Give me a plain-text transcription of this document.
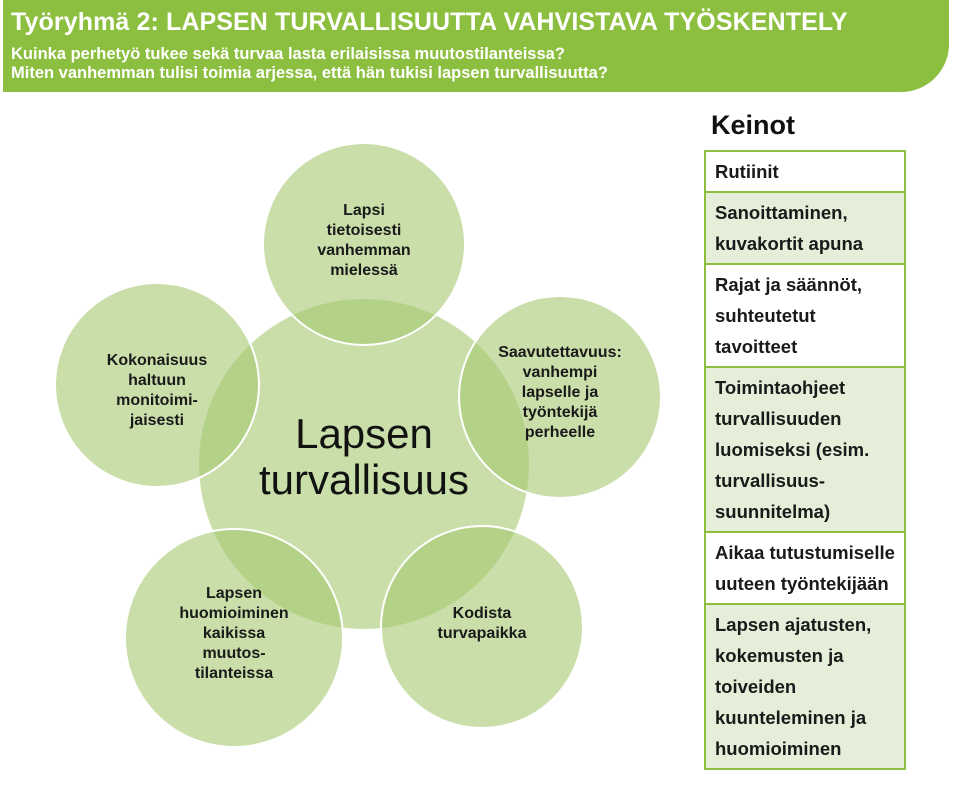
Työryhmä 2: LAPSEN TURVALLISUUTTA VAHVISTAVA TYÖSKENTELY
Kuinka perhetyö tukee sekä turvaa lasta erilaisissa muutostilanteissa?
Miten vanhemman tulisi toimia arjessa, että hän tukisi lapsen turvallisuutta?
Lapsen
turvallisuus
Lapsi
tietoisesti
vanhemman
mielessä
Saavutettavuus:
vanhempi
lapselle ja
työntekijä
perheelle
Kodista
turvapaikka
Lapsen
huomioiminen
kaikissa
muutos-
tilanteissa
Kokonaisuus
haltuun
monitoimi-
jaisesti
Keinot
Rutiinit
Sanoittaminen, kuvakortit apuna
Rajat ja säännöt, suhteutetut tavoitteet
Toimintaohjeet turvallisuuden luomiseksi (esim. turvallisuus-suunnitelma)
Aikaa tutustumiselle uuteen työntekijään
Lapsen ajatusten, kokemusten ja toiveiden kuunteleminen ja huomioiminen
